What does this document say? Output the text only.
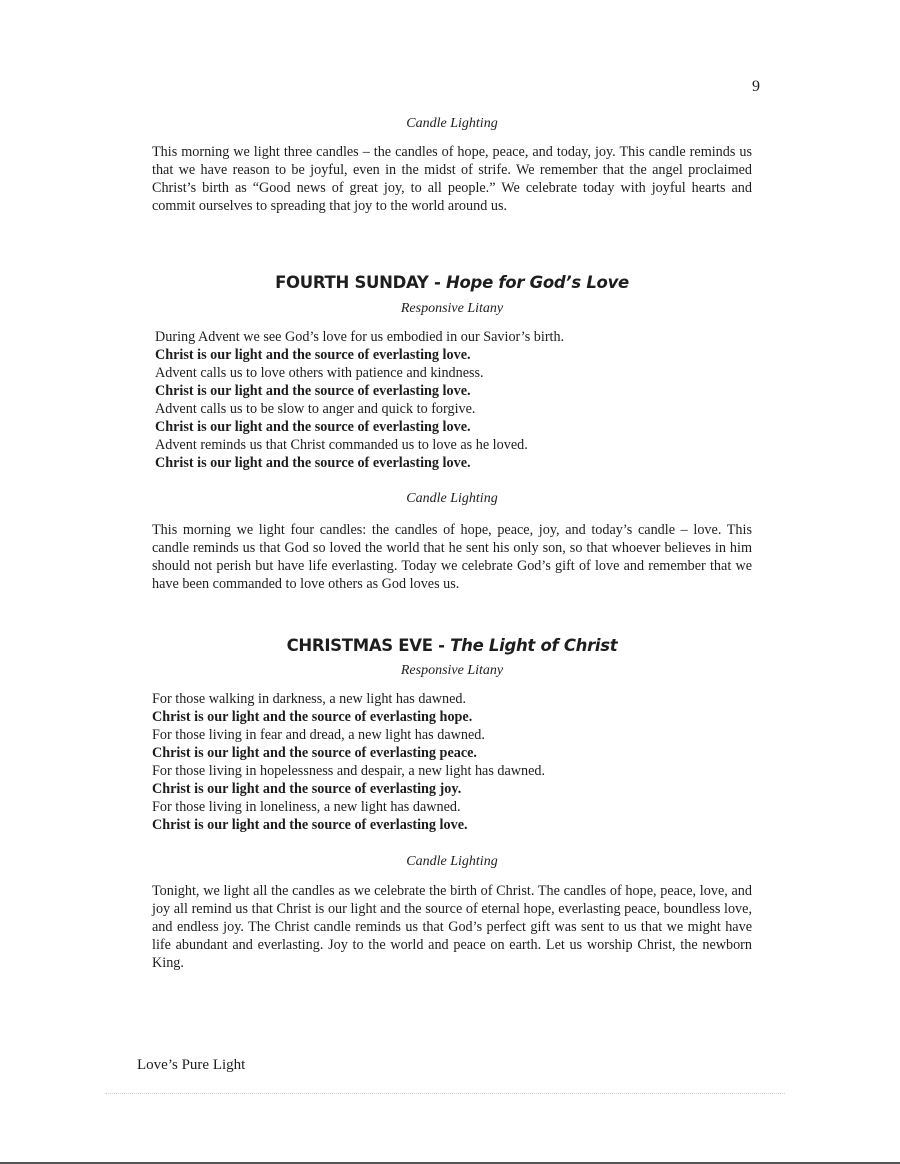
9

Candle Lighting

This morning we light three candles – the candles of hope, peace, and today, joy. This candle reminds us that we have reason to be joyful, even in the midst of strife. We remember that the angel proclaimed Christ’s birth as “Good news of great joy, to all people.” We celebrate today with joyful hearts and commit ourselves to spreading that joy to the world around us.

FOURTH SUNDAY - Hope for God’s Love

Responsive Litany

During Advent we see God’s love for us embodied in our Savior’s birth.
Christ is our light and the source of everlasting love.
Advent calls us to love others with patience and kindness.
Christ is our light and the source of everlasting love.
Advent calls us to be slow to anger and quick to forgive.
Christ is our light and the source of everlasting love.
Advent reminds us that Christ commanded us to love as he loved.
Christ is our light and the source of everlasting love.

Candle Lighting

This morning we light four candles: the candles of hope, peace, joy, and today’s candle – love. This candle reminds us that God so loved the world that he sent his only son, so that whoever believes in him should not perish but have life everlasting. Today we celebrate God’s gift of love and remember that we have been commanded to love others as God loves us.

CHRISTMAS EVE - The Light of Christ

Responsive Litany

For those walking in darkness, a new light has dawned.
Christ is our light and the source of everlasting hope.
For those living in fear and dread, a new light has dawned.
Christ is our light and the source of everlasting peace.
For those living in hopelessness and despair, a new light has dawned.
Christ is our light and the source of everlasting joy.
For those living in loneliness, a new light has dawned.
Christ is our light and the source of everlasting love.

Candle Lighting

Tonight, we light all the candles as we celebrate the birth of Christ. The candles of hope, peace, love, and joy all remind us that Christ is our light and the source of eternal hope, everlasting peace, boundless love, and endless joy. The Christ candle reminds us that God’s perfect gift was sent to us that we might have life abundant and everlasting. Joy to the world and peace on earth. Let us worship Christ, the newborn King.

Love’s Pure Light
